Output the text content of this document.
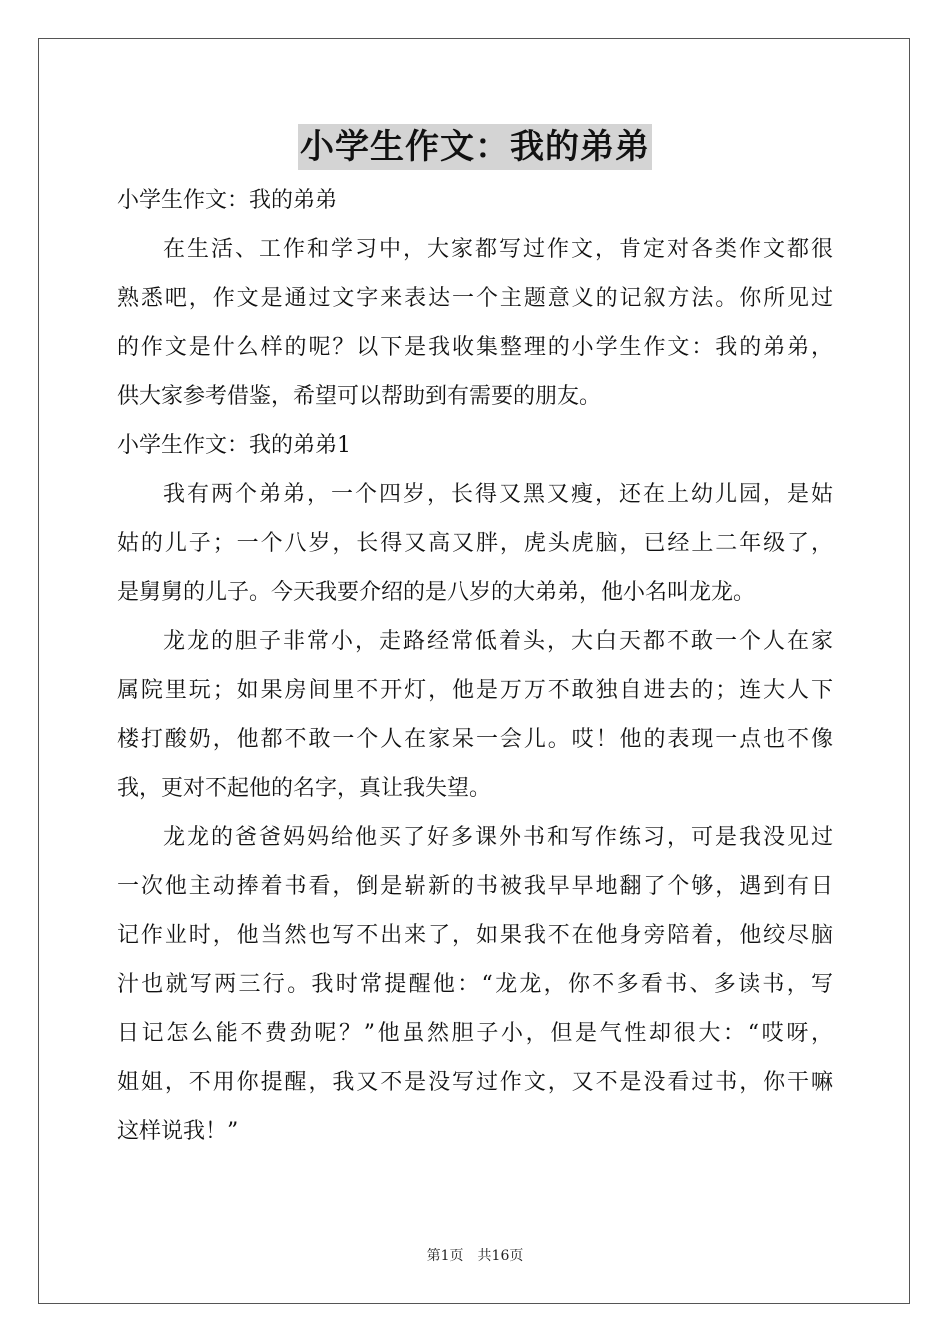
小学生作文：我的弟弟
小学生作文：我的弟弟
在生活、工作和学习中，大家都写过作文，肯定对各类作文都很
熟悉吧，作文是通过文字来表达一个主题意义的记叙方法。你所见过
的作文是什么样的呢？以下是我收集整理的小学生作文：我的弟弟，
供大家参考借鉴，希望可以帮助到有需要的朋友。
小学生作文：我的弟弟1
我有两个弟弟，一个四岁，长得又黑又瘦，还在上幼儿园，是姑
姑的儿子；一个八岁，长得又高又胖，虎头虎脑，已经上二年级了，
是舅舅的儿子。今天我要介绍的是八岁的大弟弟，他小名叫龙龙。
龙龙的胆子非常小，走路经常低着头，大白天都不敢一个人在家
属院里玩；如果房间里不开灯，他是万万不敢独自进去的；连大人下
楼打酸奶，他都不敢一个人在家呆一会儿。哎！他的表现一点也不像
我，更对不起他的名字，真让我失望。
龙龙的爸爸妈妈给他买了好多课外书和写作练习，可是我没见过
一次他主动捧着书看，倒是崭新的书被我早早地翻了个够，遇到有日
记作业时，他当然也写不出来了，如果我不在他身旁陪着，他绞尽脑
汁也就写两三行。我时常提醒他：“龙龙，你不多看书、多读书，写
日记怎么能不费劲呢？”他虽然胆子小，但是气性却很大：“哎呀，
姐姐，不用你提醒，我又不是没写过作文，又不是没看过书，你干嘛
这样说我！”
第1页 共16页
